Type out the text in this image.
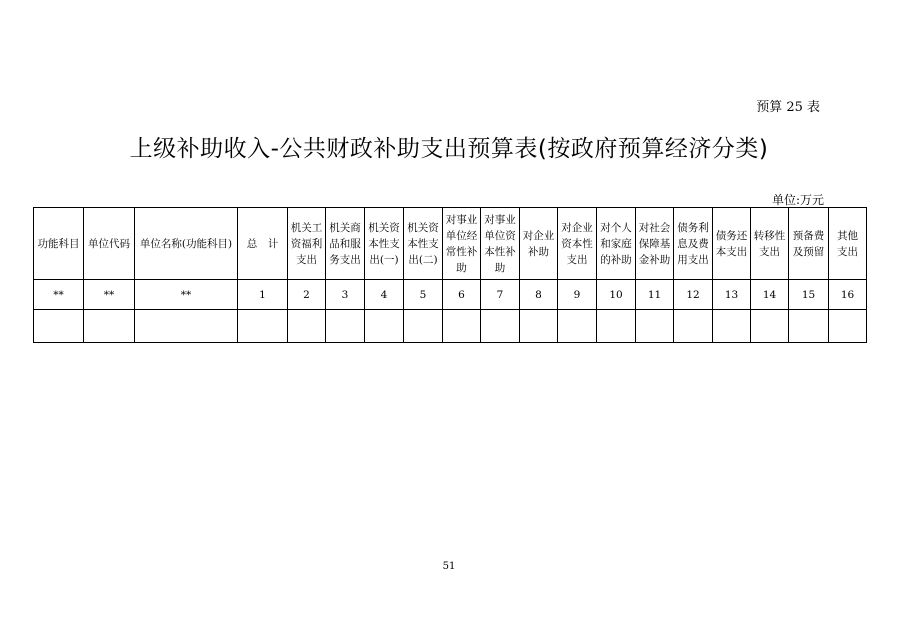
预算 25 表
上级补助收入-公共财政补助支出预算表(按政府预算经济分类)
单位:万元
功能科目	单位代码	单位名称(功能科目)	总　计	机关工资福利支出	机关商品和服务支出	机关资本性支出(一)	机关资本性支出(二)	对事业单位经常性补助	对事业单位资本性补助	对企业补助	对企业资本性支出	对个人和家庭的补助	对社会保障基金补助	债务利息及费用支出	债务还本支出	转移性支出	预备费及预留	其他支出
**	**	**	1	2	3	4	5	6	7	8	9	10	11	12	13	14	15	16

51
